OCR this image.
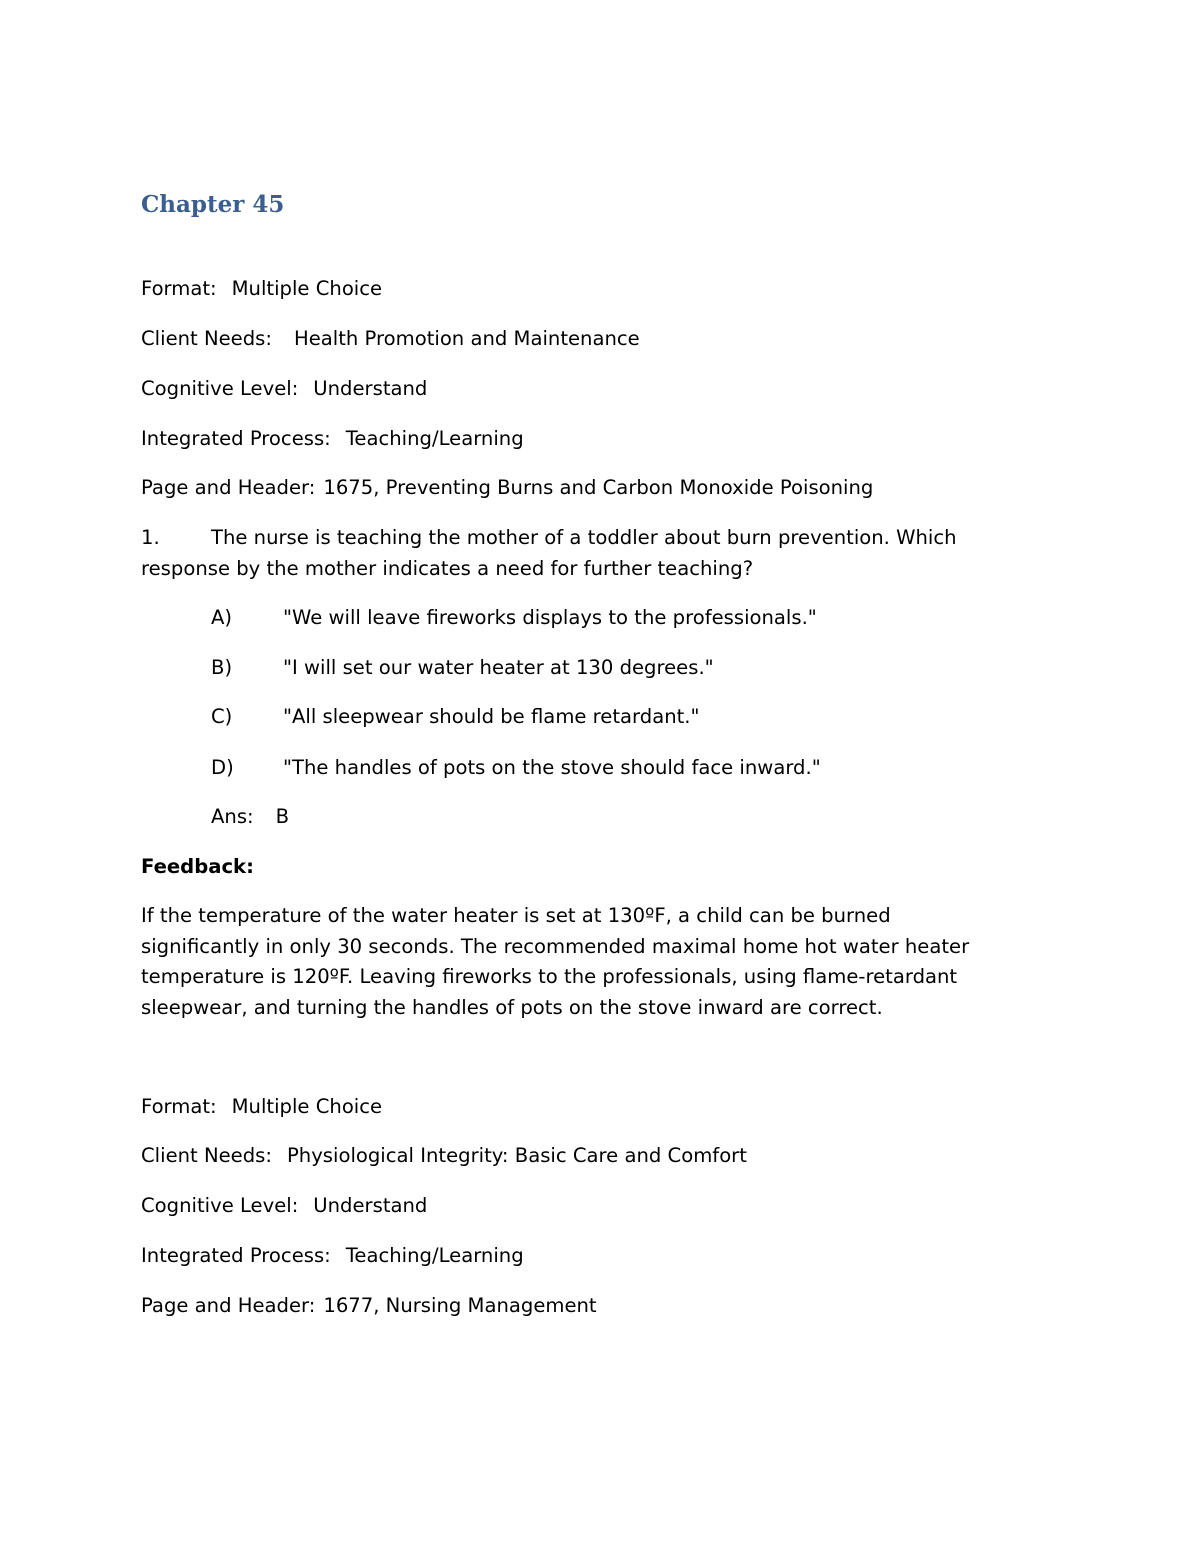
Chapter 45

Format: Multiple Choice

Client Needs: Health Promotion and Maintenance

Cognitive Level: Understand

Integrated Process: Teaching/Learning

Page and Header: 1675, Preventing Burns and Carbon Monoxide Poisoning

1.	The nurse is teaching the mother of a toddler about burn prevention. Which

response by the mother indicates a need for further teaching?

A)	"We will leave fireworks displays to the professionals."

B)	"I will set our water heater at 130 degrees."

C)	"All sleepwear should be flame retardant."

D)	"The handles of pots on the stove should face inward."

Ans: B

Feedback:

If the temperature of the water heater is set at 130ºF, a child can be burned

significantly in only 30 seconds. The recommended maximal home hot water heater

temperature is 120ºF. Leaving fireworks to the professionals, using flame-retardant

sleepwear, and turning the handles of pots on the stove inward are correct.

Format: Multiple Choice

Client Needs: Physiological Integrity: Basic Care and Comfort

Cognitive Level: Understand

Integrated Process: Teaching/Learning

Page and Header: 1677, Nursing Management
